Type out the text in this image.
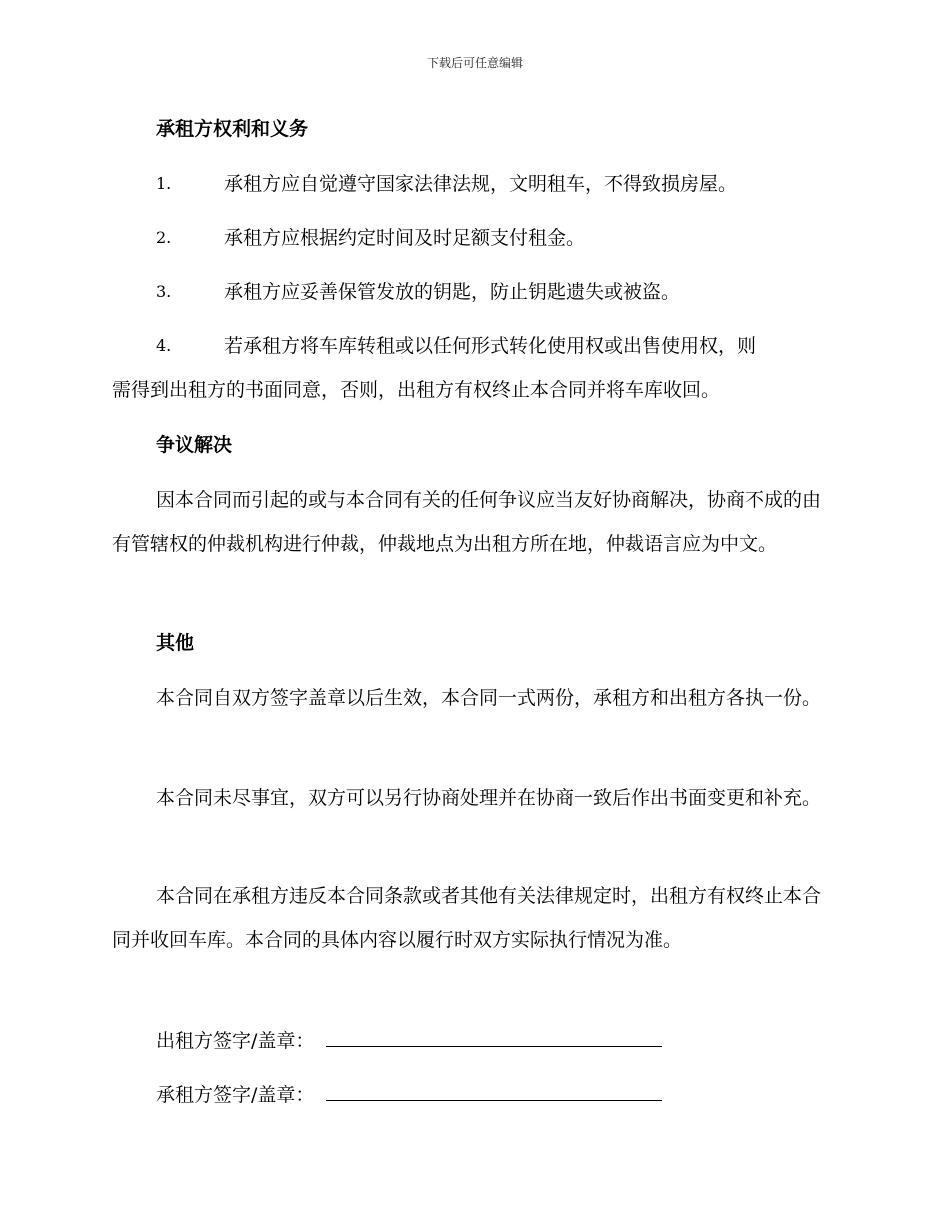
下载后可任意编辑
承租方权利和义务
1.	承租方应自觉遵守国家法律法规，文明租车，不得致损房屋。
2.	承租方应根据约定时间及时足额支付租金。
3.	承租方应妥善保管发放的钥匙，防止钥匙遗失或被盗。
4.	若承租方将车库转租或以任何形式转化使用权或出售使用权，则
需得到出租方的书面同意，否则，出租方有权终止本合同并将车库收回。
争议解决
因本合同而引起的或与本合同有关的任何争议应当友好协商解决，协商不成的由有管辖权的仲裁机构进行仲裁，仲裁地点为出租方所在地，仲裁语言应为中文。
其他
本合同自双方签字盖章以后生效，本合同一式两份，承租方和出租方各执一份。
本合同未尽事宜，双方可以另行协商处理并在协商一致后作出书面变更和补充。
本合同在承租方违反本合同条款或者其他有关法律规定时，出租方有权终止本合同并收回车库。本合同的具体内容以履行时双方实际执行情况为准。
出租方签字/盖章：
承租方签字/盖章：
